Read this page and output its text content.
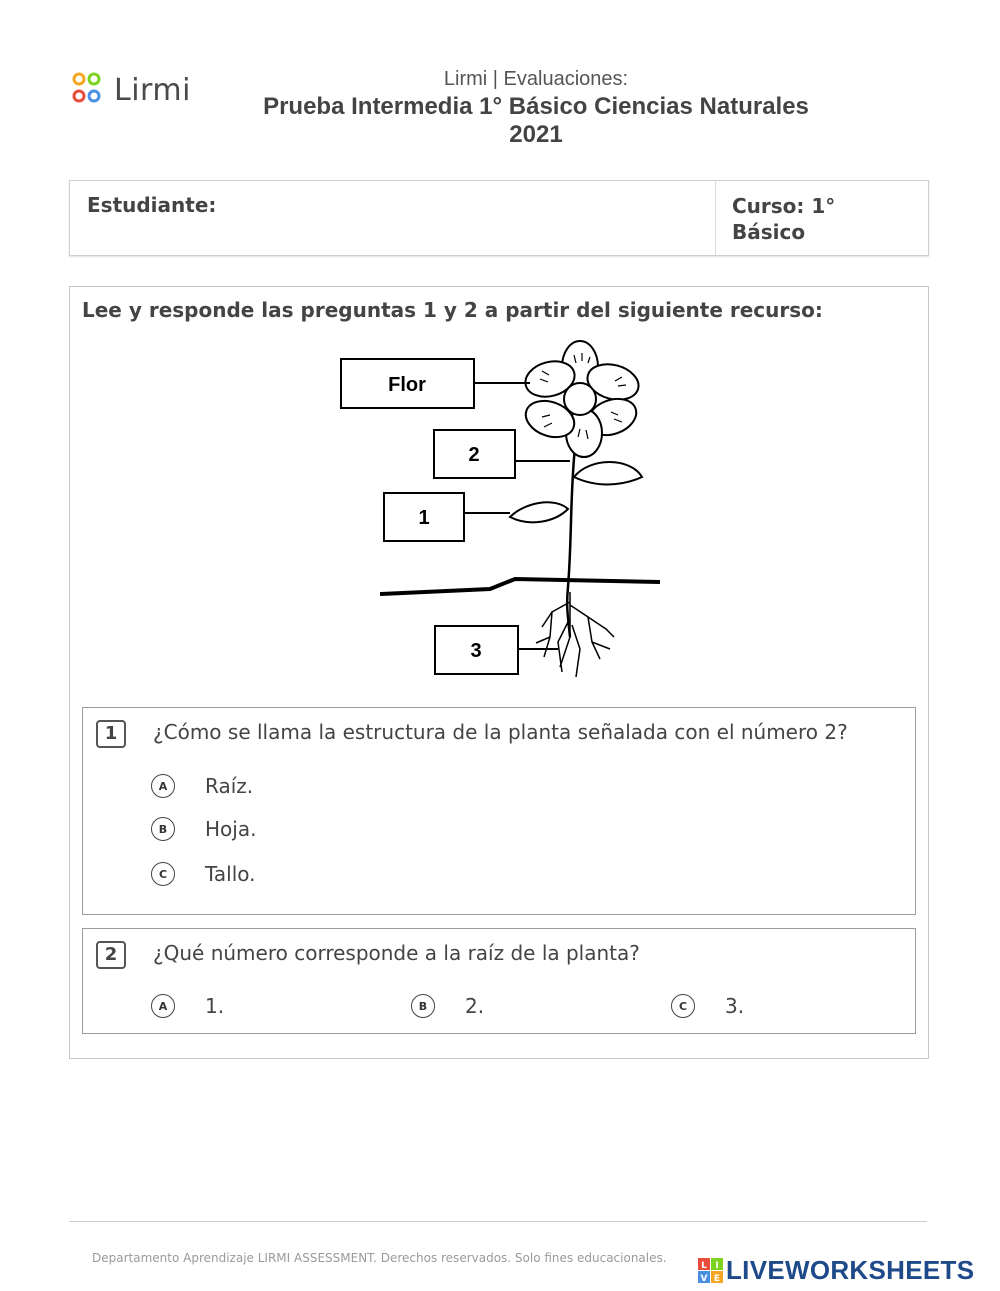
Lirmi	Lirmi | Evaluaciones:
Prueba Intermedia 1° Básico Ciencias Naturales 2021
Estudiante:	Curso: 1° Básico
Lee y responde las preguntas 1 y 2 a partir del siguiente recurso:
Flor
2
1
3
1	¿Cómo se llama la estructura de la planta señalada con el número 2?
A	Raíz.
B	Hoja.
C	Tallo.
2	¿Qué número corresponde a la raíz de la planta?
A	1.	B	2.	C	3.
Departamento Aprendizaje LIRMI ASSESSMENT. Derechos reservados. Solo fines educacionales.
L I
V E LIVEWORKSHEETS
